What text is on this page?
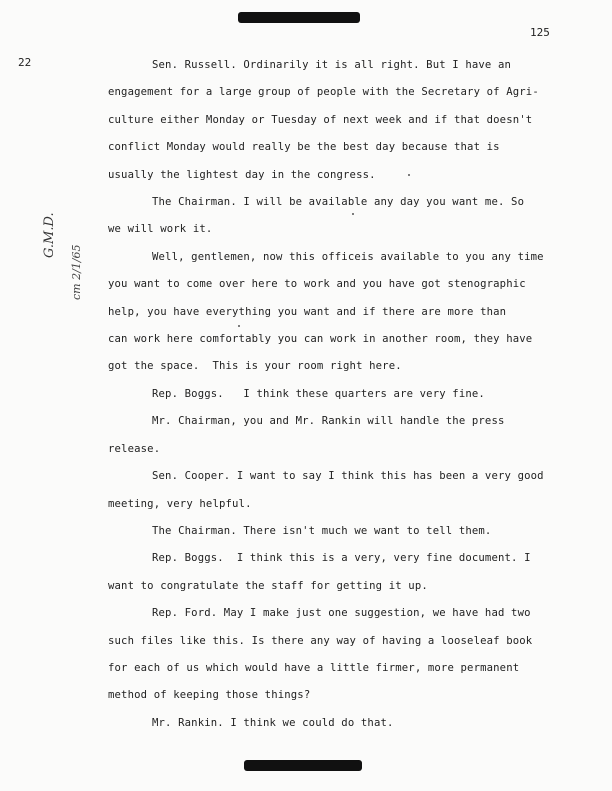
125
22
G.M.D.
cm 2/1/65
Sen. Russell. Ordinarily it is all right. But I have an
engagement for a large group of people with the Secretary of Agri-
culture either Monday or Tuesday of next week and if that doesn't
conflict Monday would really be the best day because that is
usually the lightest day in the congress.
The Chairman. I will be available any day you want me. So
we will work it.
Well, gentlemen, now this officeis available to you any time
you want to come over here to work and you have got stenographic
help, you have everything you want and if there are more than
can work here comfortably you can work in another room, they have
got the space.  This is your room right here.
Rep. Boggs.   I think these quarters are very fine.
Mr. Chairman, you and Mr. Rankin will handle the press
release.
Sen. Cooper. I want to say I think this has been a very good
meeting, very helpful.
The Chairman. There isn't much we want to tell them.
Rep. Boggs.  I think this is a very, very fine document. I
want to congratulate the staff for getting it up.
Rep. Ford. May I make just one suggestion, we have had two
such files like this. Is there any way of having a looseleaf book
for each of us which would have a little firmer, more permanent
method of keeping those things?
Mr. Rankin. I think we could do that.
